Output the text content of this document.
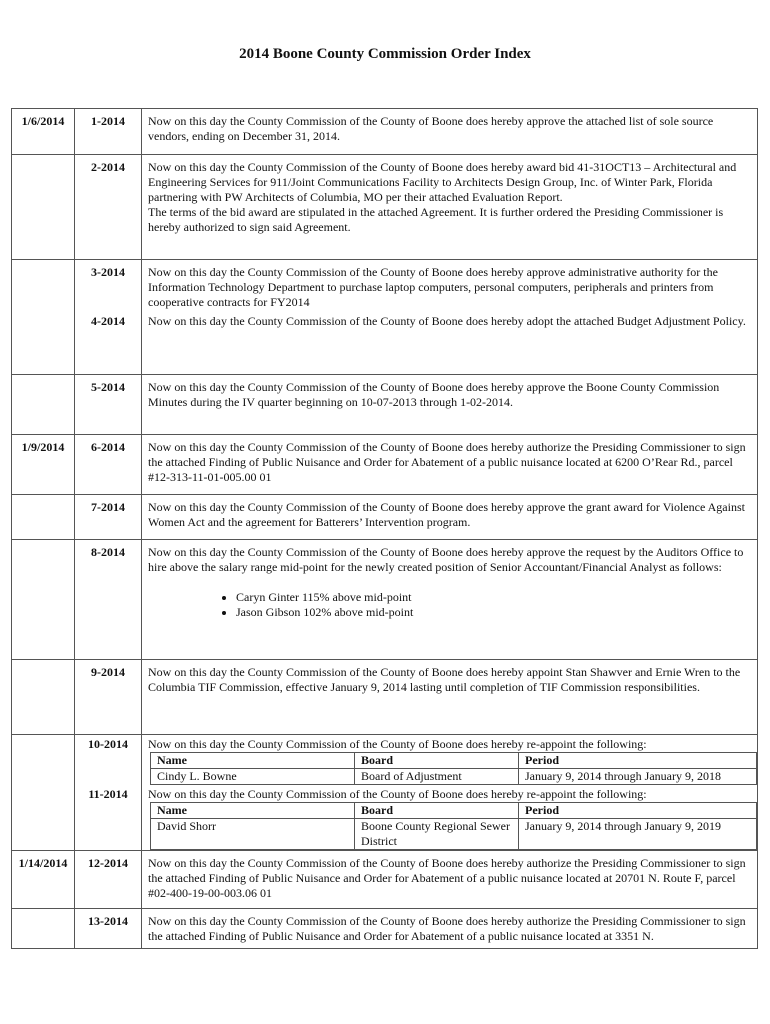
2014 Boone County Commission Order Index
1/6/2014	1-2014	Now on this day the County Commission of the County of Boone does hereby approve the attached list of sole source vendors, ending on December 31, 2014.

	2-2014	Now on this day the County Commission of the County of Boone does hereby award bid 41-31OCT13 – Architectural and Engineering Services for 911/Joint Communications Facility to Architects Design Group, Inc. of Winter Park, Florida partnering with PW Architects of Columbia, MO per their attached Evaluation Report.

The terms of the bid award are stipulated in the attached Agreement. It is further ordered the Presiding Commissioner is hereby authorized to sign said Agreement.

	3-2014	Now on this day the County Commission of the County of Boone does hereby approve administrative authority for the Information Technology Department to purchase laptop computers, personal computers, peripherals and printers from cooperative contracts for FY2014

	4-2014	Now on this day the County Commission of the County of Boone does hereby adopt the attached Budget Adjustment Policy.

	5-2014	Now on this day the County Commission of the County of Boone does hereby approve the Boone County Commission Minutes during the IV quarter beginning on 10-07-2013 through 1-02-2014.

1/9/2014	6-2014	Now on this day the County Commission of the County of Boone does hereby authorize the Presiding Commissioner to sign the attached Finding of Public Nuisance and Order for Abatement of a public nuisance located at 6200 O’Rear Rd., parcel #12-313-11-01-005.00 01

	7-2014	Now on this day the County Commission of the County of Boone does hereby approve the grant award for Violence Against Women Act and the agreement for Batterers’ Intervention program.

	8-2014	Now on this day the County Commission of the County of Boone does hereby approve the request by the Auditors Office to hire above the salary range mid-point for the newly created position of Senior Accountant/Financial Analyst as follows:

• Caryn Ginter 115% above mid-point
• Jason Gibson 102% above mid-point

	9-2014	Now on this day the County Commission of the County of Boone does hereby appoint Stan Shawver and Ernie Wren to the Columbia TIF Commission, effective January 9, 2014 lasting until completion of TIF Commission responsibilities.

	10-2014	Now on this day the County Commission of the County of Boone does hereby re-appoint the following:

Name	Board	Period
Cindy L. Bowne	Board of Adjustment	January 9, 2014 through January 9, 2018

	11-2014	Now on this day the County Commission of the County of Boone does hereby re-appoint the following:

Name	Board	Period
David Shorr	Boone County Regional Sewer District	January 9, 2014 through January 9, 2019

1/14/2014	12-2014	Now on this day the County Commission of the County of Boone does hereby authorize the Presiding Commissioner to sign the attached Finding of Public Nuisance and Order for Abatement of a public nuisance located at 20701 N. Route F, parcel #02-400-19-00-003.06 01

	13-2014	Now on this day the County Commission of the County of Boone does hereby authorize the Presiding Commissioner to sign the attached Finding of Public Nuisance and Order for Abatement of a public nuisance located at 3351 N.
